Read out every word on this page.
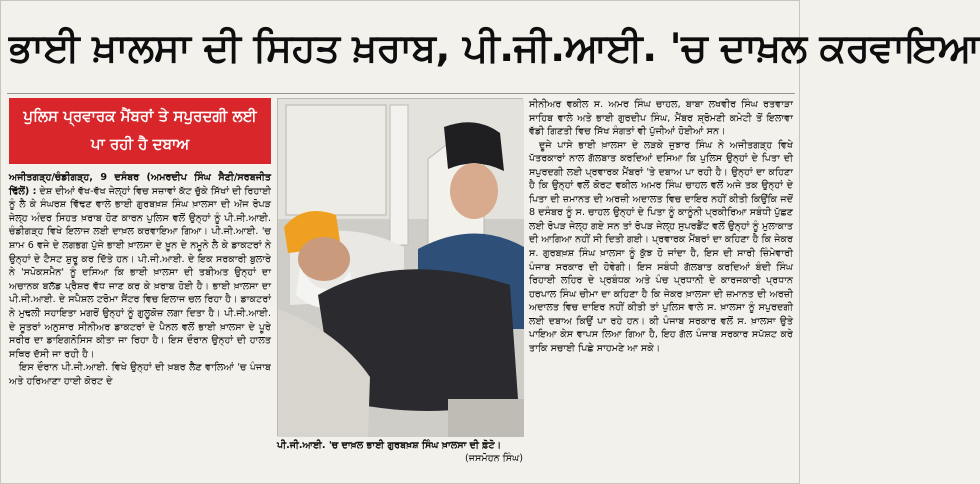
ਭਾਈ ਖ਼ਾਲਸਾ ਦੀ ਸਿਹਤ ਖ਼ਰਾਬ, ਪੀ.ਜੀ.ਆਈ. 'ਚ ਦਾਖ਼ਲ ਕਰਵਾਇਆ
ਪੁਲਿਸ ਪ੍ਰਵਾਰਕ ਮੈਂਬਰਾਂ ਤੇ ਸਪੁਰਦਗੀ ਲਈ ਪਾ ਰਹੀ ਹੈ ਦਬਾਅ

ਅਜੀਤਗੜ੍ਹ/ਚੰਡੀਗੜ੍ਹ, 9 ਦਸੰਬਰ (ਅਮਰਦੀਪ ਸਿੰਘ ਸੈਣੀ/ਸਰਬਜੀਤ ਢਿੱਲੋਂ) : ਦੇਸ਼ ਦੀਆਂ ਵੱਖ-ਵੱਖ ਜੇਲ੍ਹਾਂ ਵਿਚ ਸਜ਼ਾਵਾਂ ਕੱਟ ਚੁੱਕੇ ਸਿੱਖਾਂ ਦੀ ਰਿਹਾਈ ਨੂੰ ਲੈ ਕੇ ਸੰਘਰਸ਼ ਵਿੱਢਣ ਵਾਲੇ ਭਾਈ ਗੁਰਬਖ਼ਸ਼ ਸਿੰਘ ਖ਼ਾਲਸਾ ਦੀ ਅੱਜ ਰੋਪੜ ਜੇਲ੍ਹ ਅੰਦਰ ਸਿਹਤ ਖ਼ਰਾਬ ਹੋਣ ਕਾਰਨ ਪੁਲਿਸ ਵਲੋਂ ਉਨ੍ਹਾਂ ਨੂੰ ਪੀ.ਜੀ.ਆਈ. ਚੰਡੀਗੜ੍ਹ ਵਿਖੇ ਇਲਾਜ ਲਈ ਦਾਖ਼ਲ ਕਰਵਾਇਆ ਗਿਆ। ਪੀ.ਜੀ.ਆਈ. 'ਚ ਸ਼ਾਮ 6 ਵਜੇ ਦੇ ਲਗਭਗ ਪੁੱਜੇ ਭਾਈ ਖ਼ਾਲਸਾ ਦੇ ਖ਼ੂਨ ਦੇ ਨਮੂਨੇ ਲੈ ਕੇ ਡਾਕਟਰਾਂ ਨੇ ਉਨ੍ਹਾਂ ਦੇ ਟੈਸਟ ਸ਼ੁਰੂ ਕਰ ਦਿੱਤੇ ਹਨ। ਪੀ.ਜੀ.ਆਈ. ਦੇ ਇਕ ਸਰਕਾਰੀ ਬੁਲਾਰੇ ਨੇ 'ਸਪੋਕਸਮੈਨ' ਨੂੰ ਦਸਿਆ ਕਿ ਭਾਈ ਖ਼ਾਲਸਾ ਦੀ ਤਬੀਅਤ ਉਨ੍ਹਾਂ ਦਾ ਅਚਾਨਕ ਬਲੱਡ ਪ੍ਰੈਸ਼ਰ ਵੱਧ ਜਾਣ ਕਰ ਕੇ ਖ਼ਰਾਬ ਹੋਈ ਹੈ। ਭਾਈ ਖ਼ਾਲਸਾ ਦਾ ਪੀ.ਜੀ.ਆਈ. ਦੇ ਸਪੈਸ਼ਲ ਟਰੋਮਾ ਸੈਂਟਰ ਵਿਚ ਇਲਾਜ ਚਲ ਰਿਹਾ ਹੈ। ਡਾਕਟਰਾਂ ਨੇ ਮੁਢਲੀ ਸਹਾਇਤਾ ਮਗਰੋਂ ਉਨ੍ਹਾਂ ਨੂੰ ਗੁਲੂਕੋਜ਼ ਲਗਾ ਦਿਤਾ ਹੈ। ਪੀ.ਜੀ.ਆਈ. ਦੇ ਸੂਤਰਾਂ ਅਨੁਸਾਰ ਸੀਨੀਅਰ ਡਾਕਟਰਾਂ ਦੇ ਪੈਨਲ ਵਲੋਂ ਭਾਈ ਖ਼ਾਲਸਾ ਦੇ ਪੂਰੇ ਸਰੀਰ ਦਾ ਡਾਇਗਨੋਸਿਸ ਕੀਤਾ ਜਾ ਰਿਹਾ ਹੈ। ਇਸ ਦੌਰਾਨ ਉਨ੍ਹਾਂ ਦੀ ਹਾਲਤ ਸਥਿਰ ਦੱਸੀ ਜਾ ਰਹੀ ਹੈ।

ਇਸ ਦੌਰਾਨ ਪੀ.ਜੀ.ਆਈ. ਵਿਖੇ ਉਨ੍ਹਾਂ ਦੀ ਖ਼ਬਰ ਲੈਣ ਵਾਲਿਆਂ 'ਚ ਪੰਜਾਬ ਅਤੇ ਹਰਿਆਣਾ ਹਾਈ ਕੋਰਟ ਦੇ

ਪੀ.ਜੀ.ਆਈ. 'ਚ ਦਾਖ਼ਲ ਭਾਈ ਗੁਰਬਖ਼ਸ਼ ਸਿੰਘ ਖ਼ਾਲਸਾ ਦੀ ਫ਼ੋਟੋ।
(ਜਸਮੋਹਨ ਸਿੰਘ)

ਸੀਨੀਅਰ ਵਕੀਲ ਸ. ਅਮਰ ਸਿੰਘ ਚਾਹਲ, ਬਾਬਾ ਲਖਵੀਰ ਸਿੰਘ ਰਤਵਾੜਾ ਸਾਹਿਬ ਵਾਲੇ ਅਤੇ ਭਾਈ ਗੁਰਦੀਪ ਸਿੰਘ, ਮੈਂਬਰ ਸ਼੍ਰੋਮਣੀ ਕਮੇਟੀ ਤੋਂ ਇਲਾਵਾ ਵੱਡੀ ਗਿਣਤੀ ਵਿਚ ਸਿੱਖ ਸੰਗਤਾਂ ਵੀ ਪੁੱਜੀਆਂ ਹੋਈਆਂ ਸਨ।

ਦੂਜੇ ਪਾਸੇ ਭਾਈ ਖ਼ਾਲਸਾ ਦੇ ਲੜਕੇ ਜੁਝਾਰ ਸਿੰਘ ਨੇ ਅਜੀਤਗੜ੍ਹ ਵਿਖੇ ਪੱਤਰਕਾਰਾਂ ਨਾਲ ਗੱਲਬਾਤ ਕਰਦਿਆਂ ਦਸਿਆ ਕਿ ਪੁਲਿਸ ਉਨ੍ਹਾਂ ਦੇ ਪਿਤਾ ਦੀ ਸਪੁਰਦਗੀ ਲਈ ਪ੍ਰਵਾਰਕ ਮੈਂਬਰਾਂ 'ਤੇ ਦਬਾਅ ਪਾ ਰਹੀ ਹੈ। ਉਨ੍ਹਾਂ ਦਾ ਕਹਿਣਾ ਹੈ ਕਿ ਉਨ੍ਹਾਂ ਵਲੋਂ ਕੋਰਟ ਵਕੀਲ ਅਮਰ ਸਿੰਘ ਚਾਹਲ ਵਲੋਂ ਅਜੇ ਤਕ ਉਨ੍ਹਾਂ ਦੇ ਪਿਤਾ ਦੀ ਜ਼ਮਾਨਤ ਦੀ ਅਰਜ਼ੀ ਅਦਾਲਤ ਵਿਚ ਦਾਇਰ ਨਹੀਂ ਕੀਤੀ ਕਿਉਂਕਿ ਜਦੋਂ 8 ਦਸੰਬਰ ਨੂੰ ਸ. ਚਾਹਲ ਉਨ੍ਹਾਂ ਦੇ ਪਿਤਾ ਨੂੰ ਕਾਨੂੰਨੀ ਪ੍ਰਕੀਰਿਆ ਸਬੰਧੀ ਪੁੱਛਣ ਲਈ ਰੋਪੜ ਜੇਲ੍ਹ ਗਏ ਸਨ ਤਾਂ ਰੋਪੜ ਜੇਲ੍ਹ ਸੁਪਰਡੈਂਟ ਵਲੋਂ ਉਨ੍ਹਾਂ ਨੂੰ ਮੁਲਾਕਾਤ ਦੀ ਆਗਿਆ ਨਹੀਂ ਸੀ ਦਿਤੀ ਗਈ। ਪ੍ਰਵਾਰਕ ਮੈਂਬਰਾਂ ਦਾ ਕਹਿਣਾ ਹੈ ਕਿ ਜੇਕਰ ਸ. ਗੁਰਬਖ਼ਸ਼ ਸਿੰਘ ਖ਼ਾਲਸਾ ਨੂੰ ਕੁੱਝ ਹੋ ਜਾਂਦਾ ਹੈ, ਇਸ ਦੀ ਸਾਰੀ ਜ਼ਿੰਮੇਵਾਰੀ ਪੰਜਾਬ ਸਰਕਾਰ ਦੀ ਹੋਵੇਗੀ। ਇਸ ਸਬੰਧੀ ਗੱਲਬਾਤ ਕਰਦਿਆਂ ਬੰਦੀ ਸਿੰਘ ਰਿਹਾਈ ਲਹਿਰ ਦੇ ਪ੍ਰਬੰਧਕ ਅਤੇ ਪੰਚ ਪ੍ਰਧਾਨੀ ਦੇ ਕਾਰਜਕਾਰੀ ਪ੍ਰਧਾਨ ਹਰਪਾਲ ਸਿੰਘ ਚੀਮਾ ਦਾ ਕਹਿਣਾ ਹੈ ਕਿ ਜੇਕਰ ਖ਼ਾਲਸਾ ਦੀ ਜ਼ਮਾਨਤ ਦੀ ਅਰਜ਼ੀ ਅਦਾਲਤ ਵਿਚ ਦਾਇਰ ਨਹੀਂ ਕੀਤੀ ਤਾਂ ਪੁਲਿਸ ਵਾਲੇ ਸ. ਖ਼ਾਲਸਾ ਨੂੰ ਸਪੁਰਦਗੀ ਲਈ ਦਬਾਅ ਕਿਉਂ ਪਾ ਰਹੇ ਹਨ। ਕੀ ਪੰਜਾਬ ਸਰਕਾਰ ਵਲੋਂ ਸ. ਖ਼ਾਲਸਾ ਉਤੇ ਪਾਇਆ ਕੇਸ ਵਾਪਸ ਲਿਆ ਗਿਆ ਹੈ, ਇਹ ਗੱਲ ਪੰਜਾਬ ਸਰਕਾਰ ਸਪੱਸ਼ਟ ਕਰੇ ਤਾਕਿ ਸਚਾਈ ਪਿਛੇ ਸਾਹਮਣੇ ਆ ਸਕੇ।
